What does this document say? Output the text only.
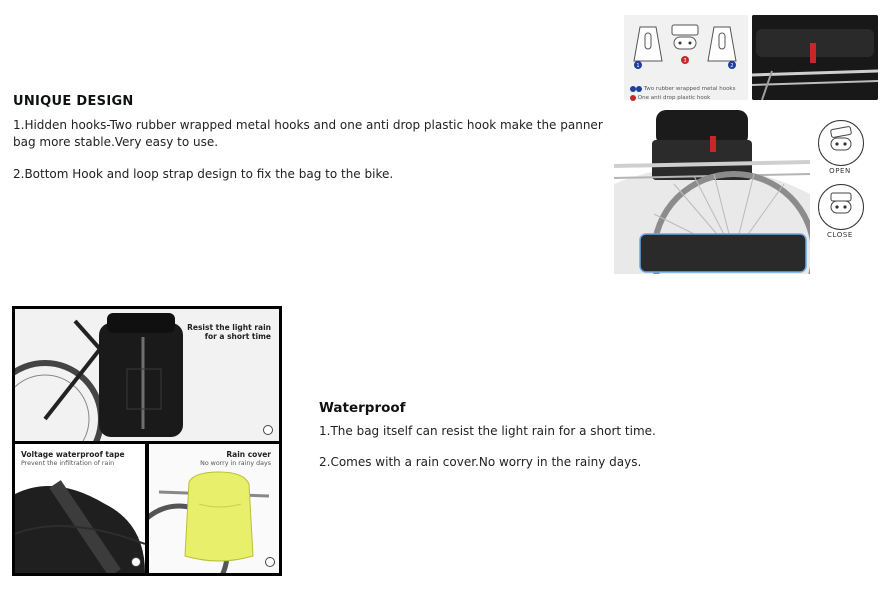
UNIQUE DESIGN
1.Hidden hooks-Two rubber wrapped metal hooks and one anti drop plastic hook make the panner bag more stable.Very easy to use.
2.Bottom Hook and loop strap design to fix the bag to the bike.
1
3
2
Two rubber wrapped metal hooks
One anti drop plastic hook
OPEN
CLOSE
Resist the light rain
for a short time
Voltage waterproof tape
Prevent the infiltration of rain
Rain cover
No worry in rainy days
Waterproof
1.The bag itself can resist the light rain for a short time.
2.Comes with a rain cover.No worry in the rainy days.
